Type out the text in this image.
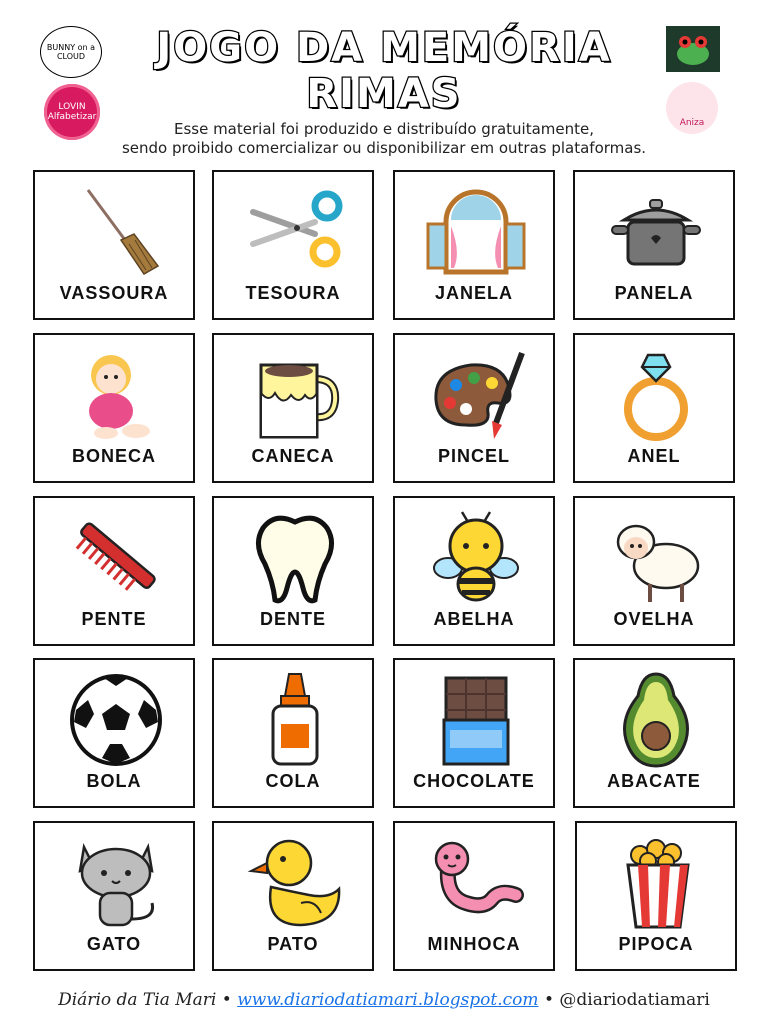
JOGO DA MEMÓRIA
RIMAS
Esse material foi produzido e distribuído gratuitamente,
sendo proibido comercializar ou disponibilizar em outras plataformas.
BUNNY on a CLOUD
LOVIN Alfabetizar
Aniza
VASSOURA	TESOURA	JANELA	PANELA
BONECA	CANECA	PINCEL	ANEL
PENTE	DENTE	ABELHA	OVELHA
BOLA	COLA	CHOCOLATE	ABACATE
GATO	PATO	MINHOCA	PIPOCA
Diário da Tia Mari • www.diariodatiamari.blogspot.com • @diariodatiamari
